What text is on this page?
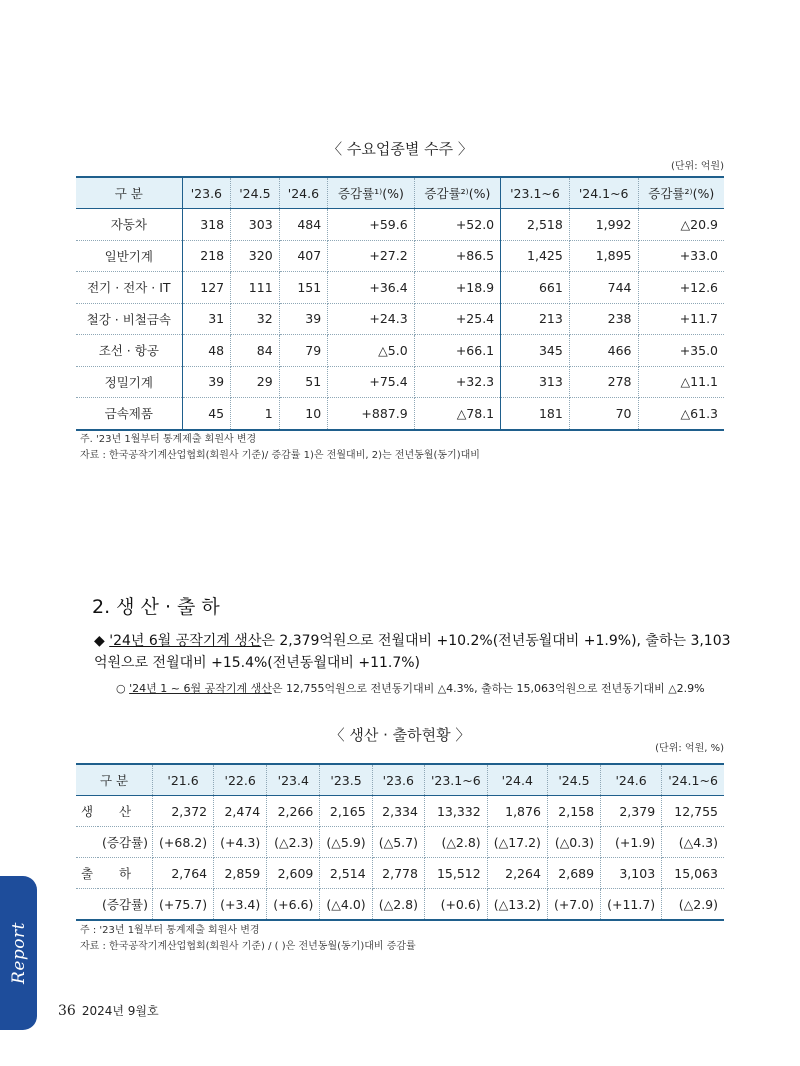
〈 수요업종별 수주 〉
(단위: 억원)
구 분	'23.6	'24.5	'24.6	증감률¹⁾(%)	증감률²⁾(%)	'23.1~6	'24.1~6	증감률²⁾(%)
자동차	318	303	484	+59.6	+52.0	2,518	1,992	△20.9
일반기계	218	320	407	+27.2	+86.5	1,425	1,895	+33.0
전기 · 전자 · IT	127	111	151	+36.4	+18.9	661	744	+12.6
철강 · 비철금속	31	32	39	+24.3	+25.4	213	238	+11.7
조선 · 항공	48	84	79	△5.0	+66.1	345	466	+35.0
정밀기계	39	29	51	+75.4	+32.3	313	278	△11.1
금속제품	45	1	10	+887.9	△78.1	181	70	△61.3
주. '23년 1월부터 통계제출 회원사 변경
자료 : 한국공작기계산업협회(회원사 기준)/ 증감률 1)은 전월대비, 2)는 전년동월(동기)대비
2. 생 산 · 출 하
◆ '24년 6월 공작기계 생산은 2,379억원으로 전월대비 +10.2%(전년동월대비 +1.9%), 출하는 3,103억원으로 전월대비 +15.4%(전년동월대비 +11.7%)
○ '24년 1 ~ 6월 공작기계 생산은 12,755억원으로 전년동기대비 △4.3%, 출하는 15,063억원으로 전년동기대비 △2.9%
〈 생산 · 출하현황 〉
(단위: 억원, %)
구 분		'21.6	'22.6	'23.4	'23.5	'23.6	'23.1~6	'24.4	'24.5	'24.6	'24.1~6
생	산	2,372	2,474	2,266	2,165	2,334	13,332	1,876	2,158	2,379	12,755
	(증감률)	(+68.2)	(+4.3)	(△2.3)	(△5.9)	(△5.7)	(△2.8)	(△17.2)	(△0.3)	(+1.9)	(△4.3)
출	하	2,764	2,859	2,609	2,514	2,778	15,512	2,264	2,689	3,103	15,063
	(증감률)	(+75.7)	(+3.4)	(+6.6)	(△4.0)	(△2.8)	(+0.6)	(△13.2)	(+7.0)	(+11.7)	(△2.9)
주 : '23년 1월부터 통계제출 회원사 변경
자료 : 한국공작기계산업협회(회원사 기준) / ( )은 전년동월(동기)대비 증감률
Report
36 2024년 9월호
